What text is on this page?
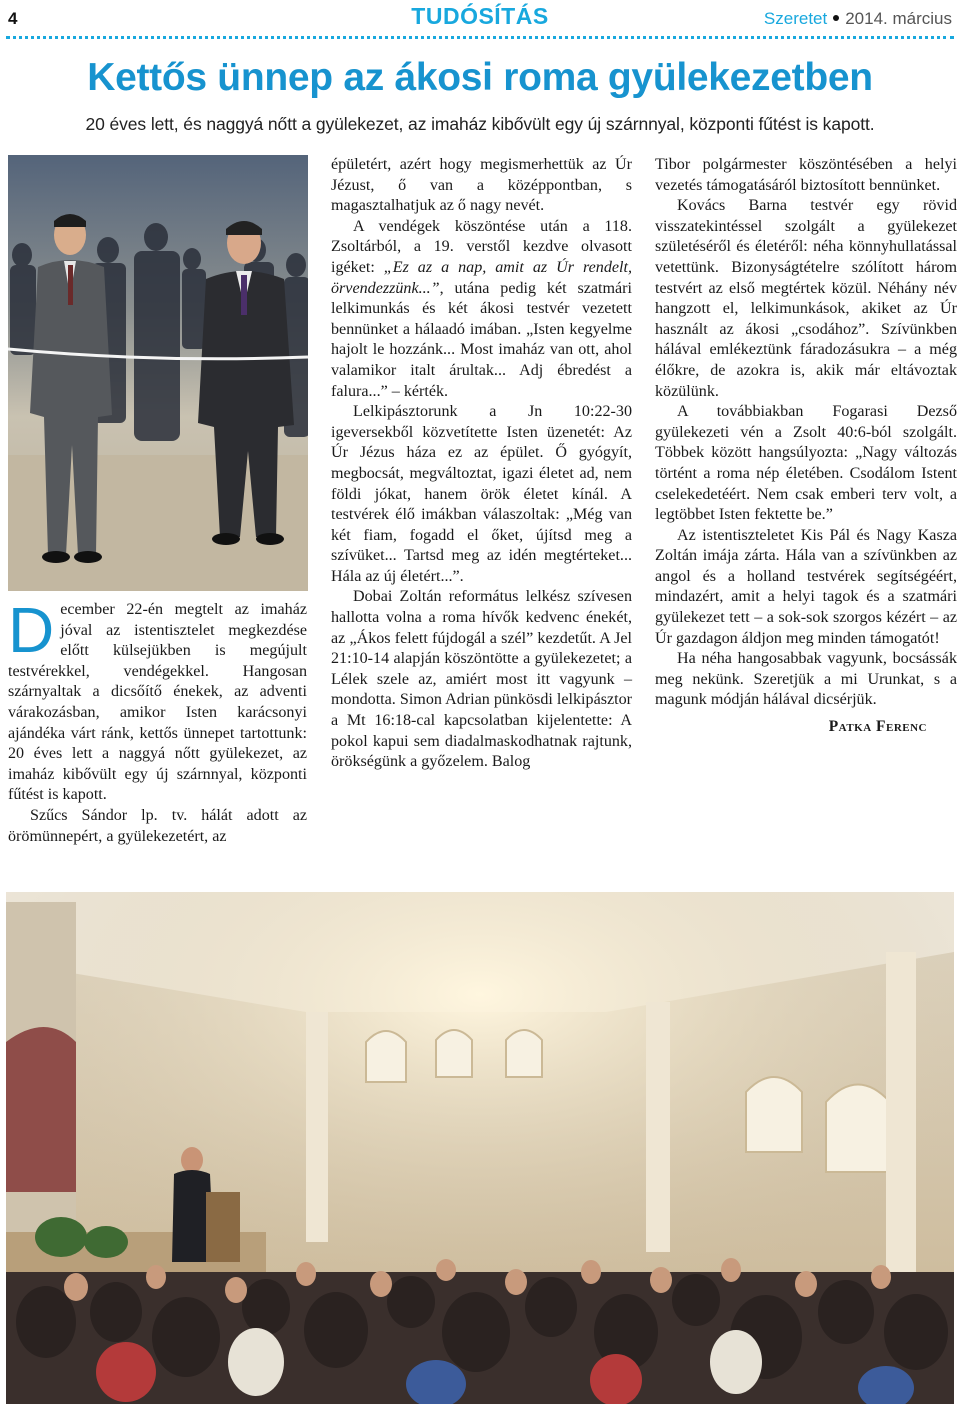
4	TUDÓSÍTÁS	Szeretet 2014. március
Kettős ünnep az ákosi roma gyülekezetben
20 éves lett, és naggyá nőtt a gyülekezet, az imaház kibővült egy új szárnnyal, központi fűtést is kapott.

December 22-én megtelt az imaház jóval az istentisztelet megkezdése előtt külsejükben is megújult testvérekkel, vendégekkel. Hangosan szárnyaltak a dicsőítő énekek, az adventi várakozásban, amikor Isten karácsonyi ajándéka várt ránk, kettős ünnepet tartottunk: 20 éves lett a naggyá nőtt gyülekezet, az imaház kibővült egy új szárnnyal, központi fűtést is kapott.

Szűcs Sándor lp. tv. hálát adott az örömünnepért, a gyülekezetért, az

épületért, azért hogy megismerhettük az Úr Jézust, ő van a középpontban, s magasztalhatjuk az ő nagy nevét.

A vendégek köszöntése után a 118. Zsoltárból, a 19. verstől kezdve olvasott igéket: „Ez az a nap, amit az Úr rendelt, örvendezzünk...”, utána pedig két szatmári lelkimunkás és két ákosi testvér vezetett bennünket a hálaadó imában. „Isten kegyelme hajolt le hozzánk... Most imaház van ott, ahol valamikor italt árultak... Adj ébredést a falura...” – kérték.

Lelkipásztorunk a Jn 10:22-30 igeversekből közvetítette Isten üzenetét: Az Úr Jézus háza ez az épület. Ő gyógyít, megbocsát, megváltoztat, igazi életet ad, nem földi jókat, hanem örök életet kínál. A testvérek élő imákban válaszoltak: „Még van két fiam, fogadd el őket, újítsd meg a szívüket... Tartsd meg az idén megtérteket... Hála az új életért...”.

Dobai Zoltán református lelkész szívesen hallotta volna a roma hívők kedvenc énekét, az „Ákos felett fújdogál a szél” kezdetűt. A Jel 21:10-14 alapján köszöntötte a gyülekezetet; a Lélek szele az, amiért most itt vagyunk – mondotta. Simon Adrian pünkösdi lelkipásztor a Mt 16:18-cal kapcsolatban kijelentette: A pokol kapui sem diadalmaskodhatnak rajtunk, örökségünk a győzelem. Balog

Tibor polgármester köszöntésében a helyi vezetés támogatásáról biztosított bennünket.

Kovács Barna testvér egy rövid visszatekintéssel szolgált a gyülekezet születéséről és életéről: néha könnyhullatással vetettünk. Bizonyságtételre szólított három testvért az első megtértek közül. Néhány név hangzott el, lelkimunkások, akiket az Úr használt az ákosi „csodához”. Szívünkben hálával emlékeztünk fáradozásukra – a még élőkre, de azokra is, akik már eltávoztak közülünk.

A továbbiakban Fogarasi Dezső gyülekezeti vén a Zsolt 40:6-ból szolgált. Többek között hangsúlyozta: „Nagy változás történt a roma nép életében. Csodálom Istent cselekedetéért. Nem csak emberi terv volt, a legtöbbet Isten fektette be.”

Az istentiszteletet Kis Pál és Nagy Kasza Zoltán imája zárta. Hála van a szívünkben az angol és a holland testvérek segítségéért, mindazért, amit a helyi tagok és a szatmári gyülekezet tett – a sok-sok szorgos kézért – az Úr gazdagon áldjon meg minden támogatót!

Ha néha hangosabbak vagyunk, bocsássák meg nekünk. Szeretjük a mi Urunkat, s a magunk módján hálával dicsérjük.

Patka Ferenc
